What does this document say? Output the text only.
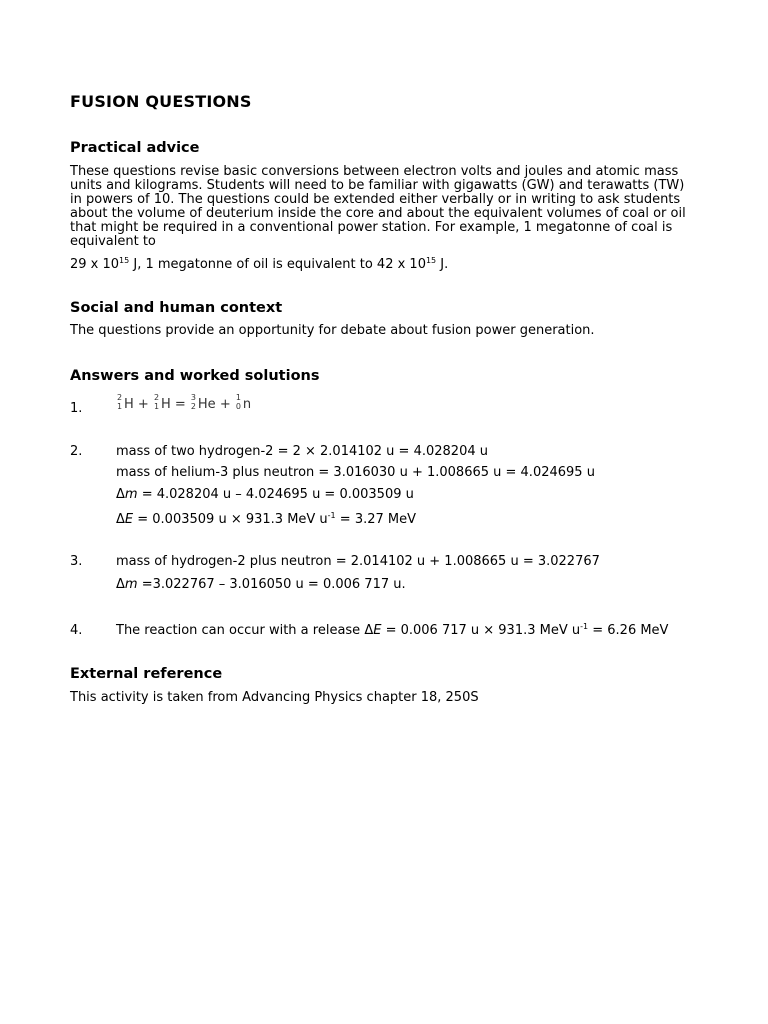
FUSION QUESTIONS
Practical advice

These questions revise basic conversions between electron volts and joules and atomic mass units and kilograms. Students will need to be familiar with gigawatts (GW) and terawatts (TW) in powers of 10. The questions could be extended either verbally or in writing to ask students about the volume of deuterium inside the core and about the equivalent volumes of coal or oil that might be required in a conventional power station. For example, 1 megatonne of coal is equivalent to

29 x $10^{15}$ J, 1 megatonne of oil is equivalent to 42 x $10^{15}$ J.

Social and human context

The questions provide an opportunity for debate about fusion power generation.

Answers and worked solutions
1.
2
1 H + 2
1 H = 3
2 He + 1
0 n
2.	mass of two hydrogen-2 = 2 × 2.014102 u = 4.028204 u
mass of helium-3 plus neutron = 3.016030 u + 1.008665 u = 4.024695 u
Δm = 4.028204 u – 4.024695 u = 0.003509 u
ΔE = 0.003509 u × 931.3 MeV $u^{-1} = 3.27$ MeV
3.	mass of hydrogen-2 plus neutron = 2.014102 u + 1.008665 u = 3.022767
Δm =3.022767 – 3.016050 u = 0.006 717 u.
4.	The reaction can occur with a release ΔE = 0.006 717 u × 931.3 MeV $u^{-1} = 6.26$ MeV
External reference

This activity is taken from Advancing Physics chapter 18, 250S
